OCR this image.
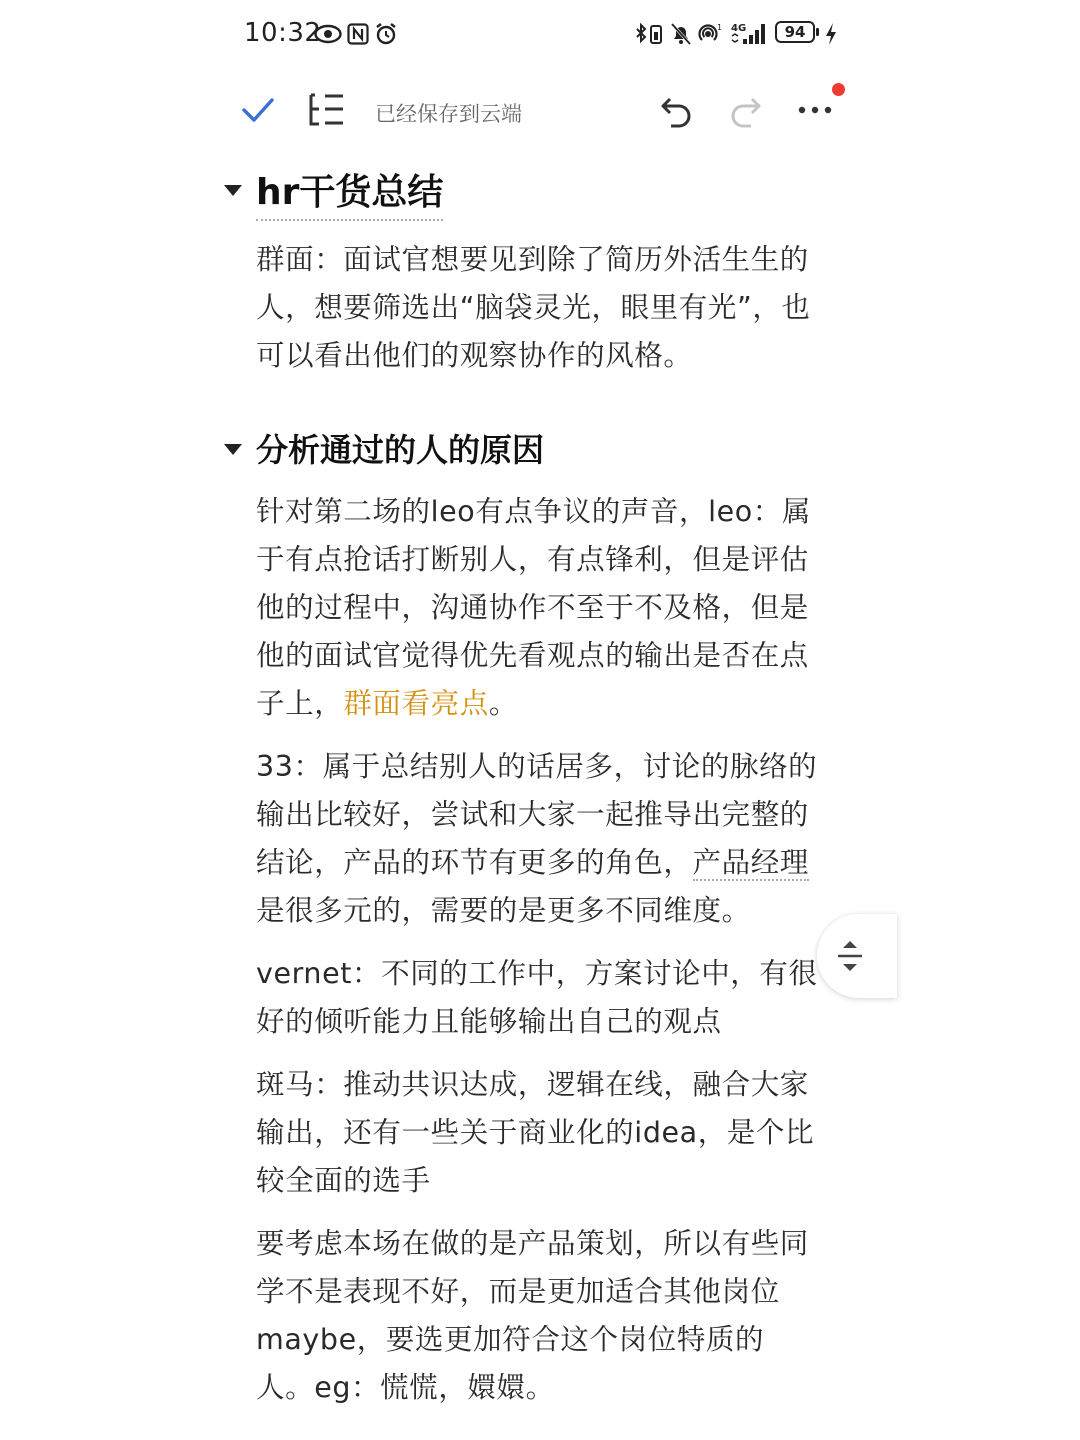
10:32	1 4G	94
已经保存到云端
hr干货总结
群面：面试官想要见到除了简历外活生生的人，想要筛选出“脑袋灵光，眼里有光”，也可以看出他们的观察协作的风格。
分析通过的人的原因
针对第二场的leo有点争议的声音，leo：属于有点抢话打断别人，有点锋利，但是评估他的过程中，沟通协作不至于不及格，但是他的面试官觉得优先看观点的输出是否在点子上，群面看亮点。
33：属于总结别人的话居多，讨论的脉络的输出比较好，尝试和大家一起推导出完整的结论，产品的环节有更多的角色，产品经理是很多元的，需要的是更多不同维度。
vernet：不同的工作中，方案讨论中，有很好的倾听能力且能够输出自己的观点
斑马：推动共识达成，逻辑在线，融合大家输出，还有一些关于商业化的idea，是个比较全面的选手
要考虑本场在做的是产品策划，所以有些同学不是表现不好，而是更加适合其他岗位maybe，要选更加符合这个岗位特质的人。eg：慌慌，嬛嬛。
